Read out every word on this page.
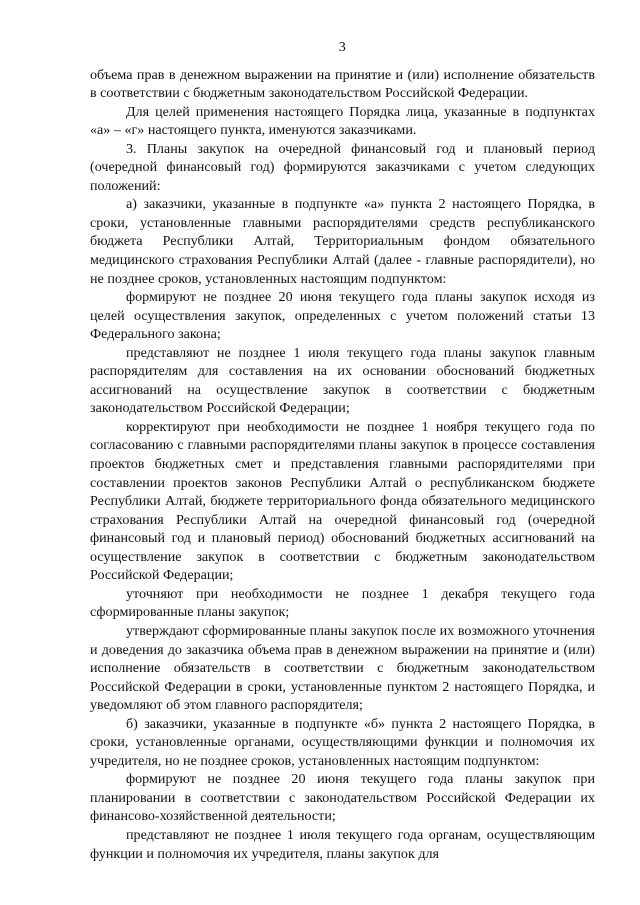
3

объема прав в денежном выражении на принятие и (или) исполнение обязательств в соответствии с бюджетным законодательством Российской Федерации.

Для целей применения настоящего Порядка лица, указанные в подпунктах «а» – «г» настоящего пункта, именуются заказчиками.

3. Планы закупок на очередной финансовый год и плановый период (очередной финансовый год) формируются заказчиками с учетом следующих положений:

а) заказчики, указанные в подпункте «а» пункта 2 настоящего Порядка, в сроки, установленные главными распорядителями средств республиканского бюджета Республики Алтай, Территориальным фондом обязательного медицинского страхования Республики Алтай (далее - главные распорядители), но не позднее сроков, установленных настоящим подпунктом:

формируют не позднее 20 июня текущего года планы закупок исходя из целей осуществления закупок, определенных с учетом положений статьи 13 Федерального закона;

представляют не позднее 1 июля текущего года планы закупок главным распорядителям для составления на их основании обоснований бюджетных ассигнований на осуществление закупок в соответствии с бюджетным законодательством Российской Федерации;

корректируют при необходимости не позднее 1 ноября текущего года по согласованию с главными распорядителями планы закупок в процессе составления проектов бюджетных смет и представления главными распорядителями при составлении проектов законов Республики Алтай о республиканском бюджете Республики Алтай, бюджете территориального фонда обязательного медицинского страхования Республики Алтай на очередной финансовый год (очередной финансовый год и плановый период) обоснований бюджетных ассигнований на осуществление закупок в соответствии с бюджетным законодательством Российской Федерации;

уточняют при необходимости не позднее 1 декабря текущего года сформированные планы закупок;

утверждают сформированные планы закупок после их возможного уточнения и доведения до заказчика объема прав в денежном выражении на принятие и (или) исполнение обязательств в соответствии с бюджетным законодательством Российской Федерации в сроки, установленные пунктом 2 настоящего Порядка, и уведомляют об этом главного распорядителя;

б) заказчики, указанные в подпункте «б» пункта 2 настоящего Порядка, в сроки, установленные органами, осуществляющими функции и полномочия их учредителя, но не позднее сроков, установленных настоящим подпунктом:

формируют не позднее 20 июня текущего года планы закупок при планировании в соответствии с законодательством Российской Федерации их финансово-хозяйственной деятельности;

представляют не позднее 1 июля текущего года органам, осуществляющим функции и полномочия их учредителя, планы закупок для
